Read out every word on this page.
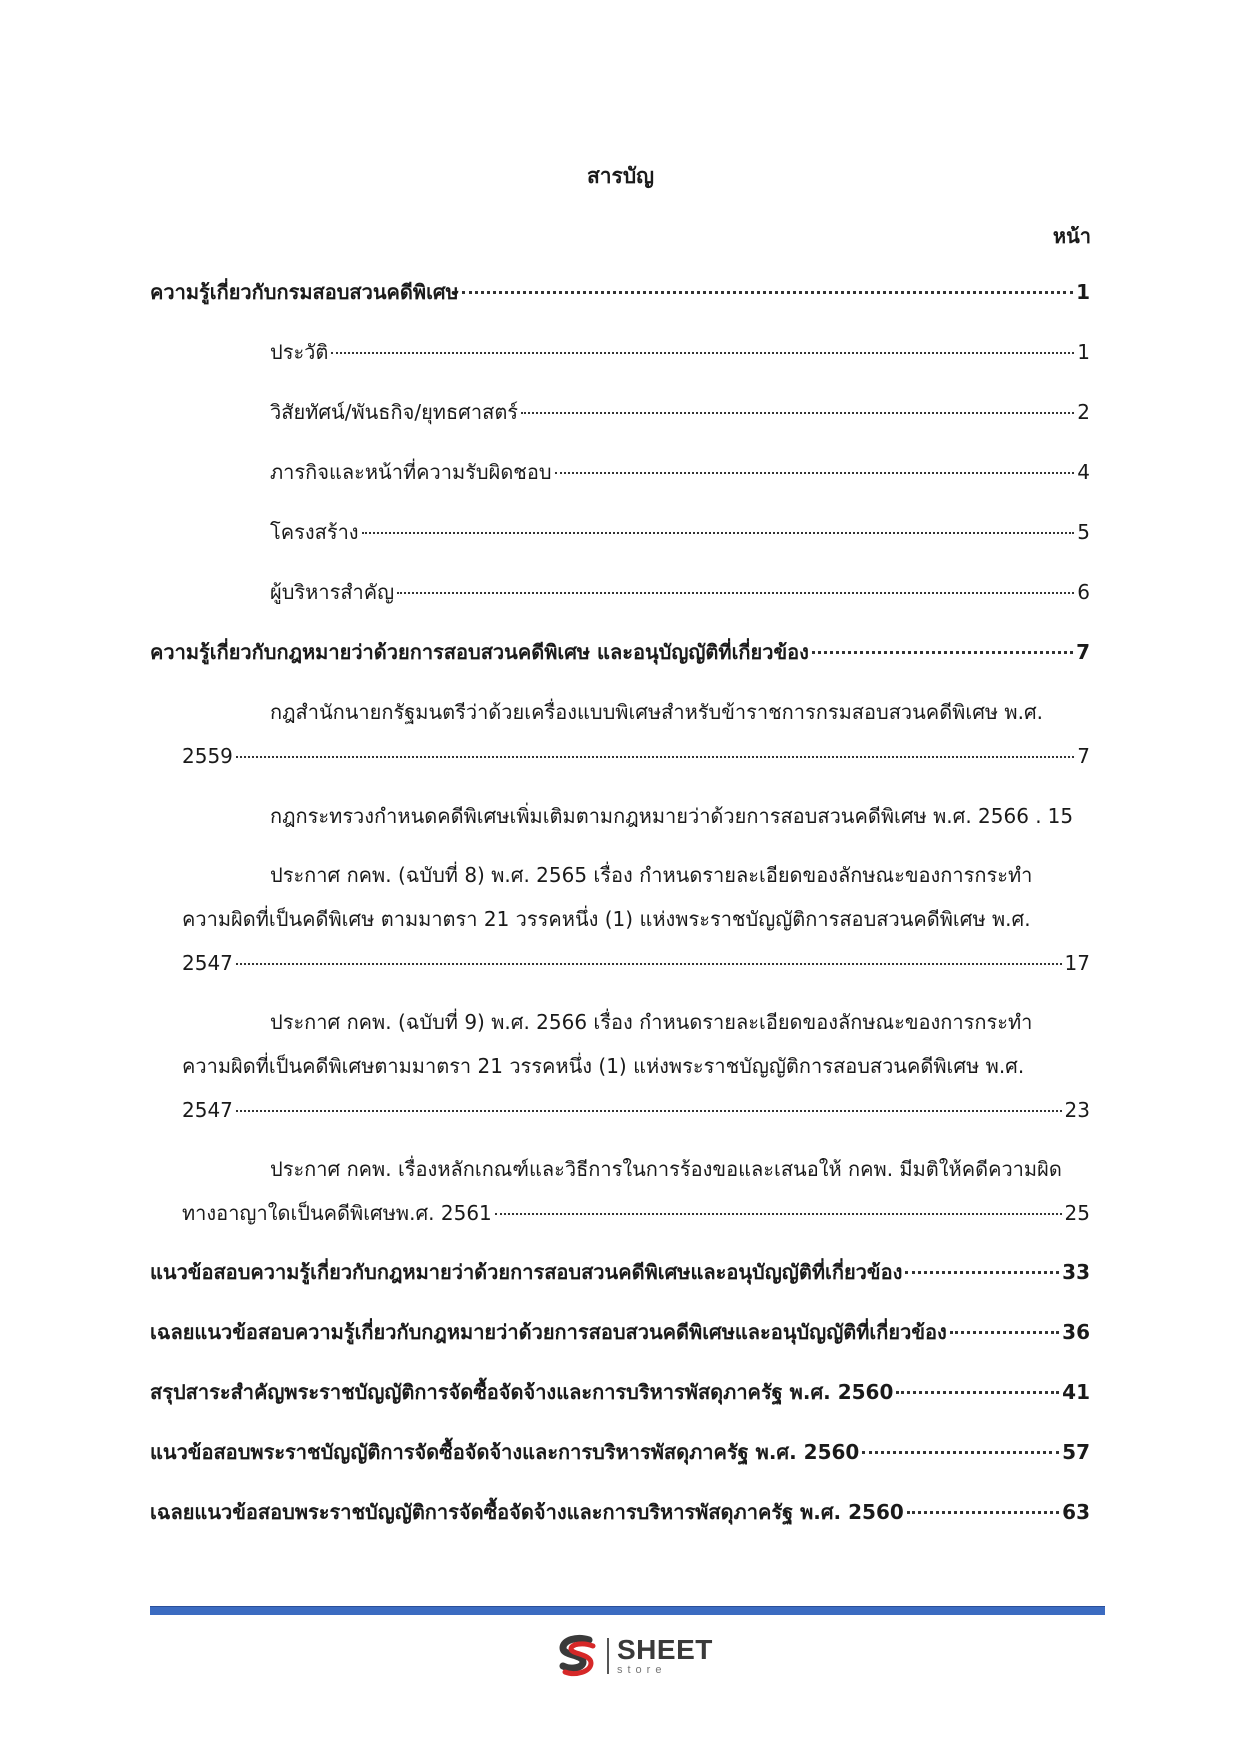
สารบัญ
หน้า
ความรู้เกี่ยวกับกรมสอบสวนคดีพิเศษ	1
ประวัติ	1
วิสัยทัศน์/พันธกิจ/ยุทธศาสตร์	2
ภารกิจและหน้าที่ความรับผิดชอบ	4
โครงสร้าง	5
ผู้บริหารสำคัญ	6
ความรู้เกี่ยวกับกฎหมายว่าด้วยการสอบสวนคดีพิเศษ และอนุบัญญัติที่เกี่ยวข้อง	7
กฎสำนักนายกรัฐมนตรีว่าด้วยเครื่องแบบพิเศษสำหรับข้าราชการกรมสอบสวนคดีพิเศษ พ.ศ.
2559	7
กฎกระทรวงกำหนดคดีพิเศษเพิ่มเติมตามกฎหมายว่าด้วยการสอบสวนคดีพิเศษ พ.ศ. 2566 . 15
ประกาศ กคพ. (ฉบับที่ 8) พ.ศ. 2565 เรื่อง กำหนดรายละเอียดของลักษณะของการกระทำ
ความผิดที่เป็นคดีพิเศษ ตามมาตรา 21 วรรคหนึ่ง (1) แห่งพระราชบัญญัติการสอบสวนคดีพิเศษ พ.ศ.
2547	17
ประกาศ กคพ. (ฉบับที่ 9) พ.ศ. 2566 เรื่อง กำหนดรายละเอียดของลักษณะของการกระทำ
ความผิดที่เป็นคดีพิเศษตามมาตรา 21 วรรคหนึ่ง (1) แห่งพระราชบัญญัติการสอบสวนคดีพิเศษ พ.ศ.
2547	23
ประกาศ กคพ. เรื่องหลักเกณฑ์และวิธีการในการร้องขอและเสนอให้ กคพ. มีมติให้คดีความผิด
ทางอาญาใดเป็นคดีพิเศษพ.ศ. 2561	25
แนวข้อสอบความรู้เกี่ยวกับกฎหมายว่าด้วยการสอบสวนคดีพิเศษและอนุบัญญัติที่เกี่ยวข้อง	33
เฉลยแนวข้อสอบความรู้เกี่ยวกับกฎหมายว่าด้วยการสอบสวนคดีพิเศษและอนุบัญญัติที่เกี่ยวข้อง	36
สรุปสาระสำคัญพระราชบัญญัติการจัดซื้อจัดจ้างและการบริหารพัสดุภาครัฐ พ.ศ. 2560	41
แนวข้อสอบพระราชบัญญัติการจัดซื้อจัดจ้างและการบริหารพัสดุภาครัฐ พ.ศ. 2560	57
เฉลยแนวข้อสอบพระราชบัญญัติการจัดซื้อจัดจ้างและการบริหารพัสดุภาครัฐ พ.ศ. 2560	63
SHEET
store
